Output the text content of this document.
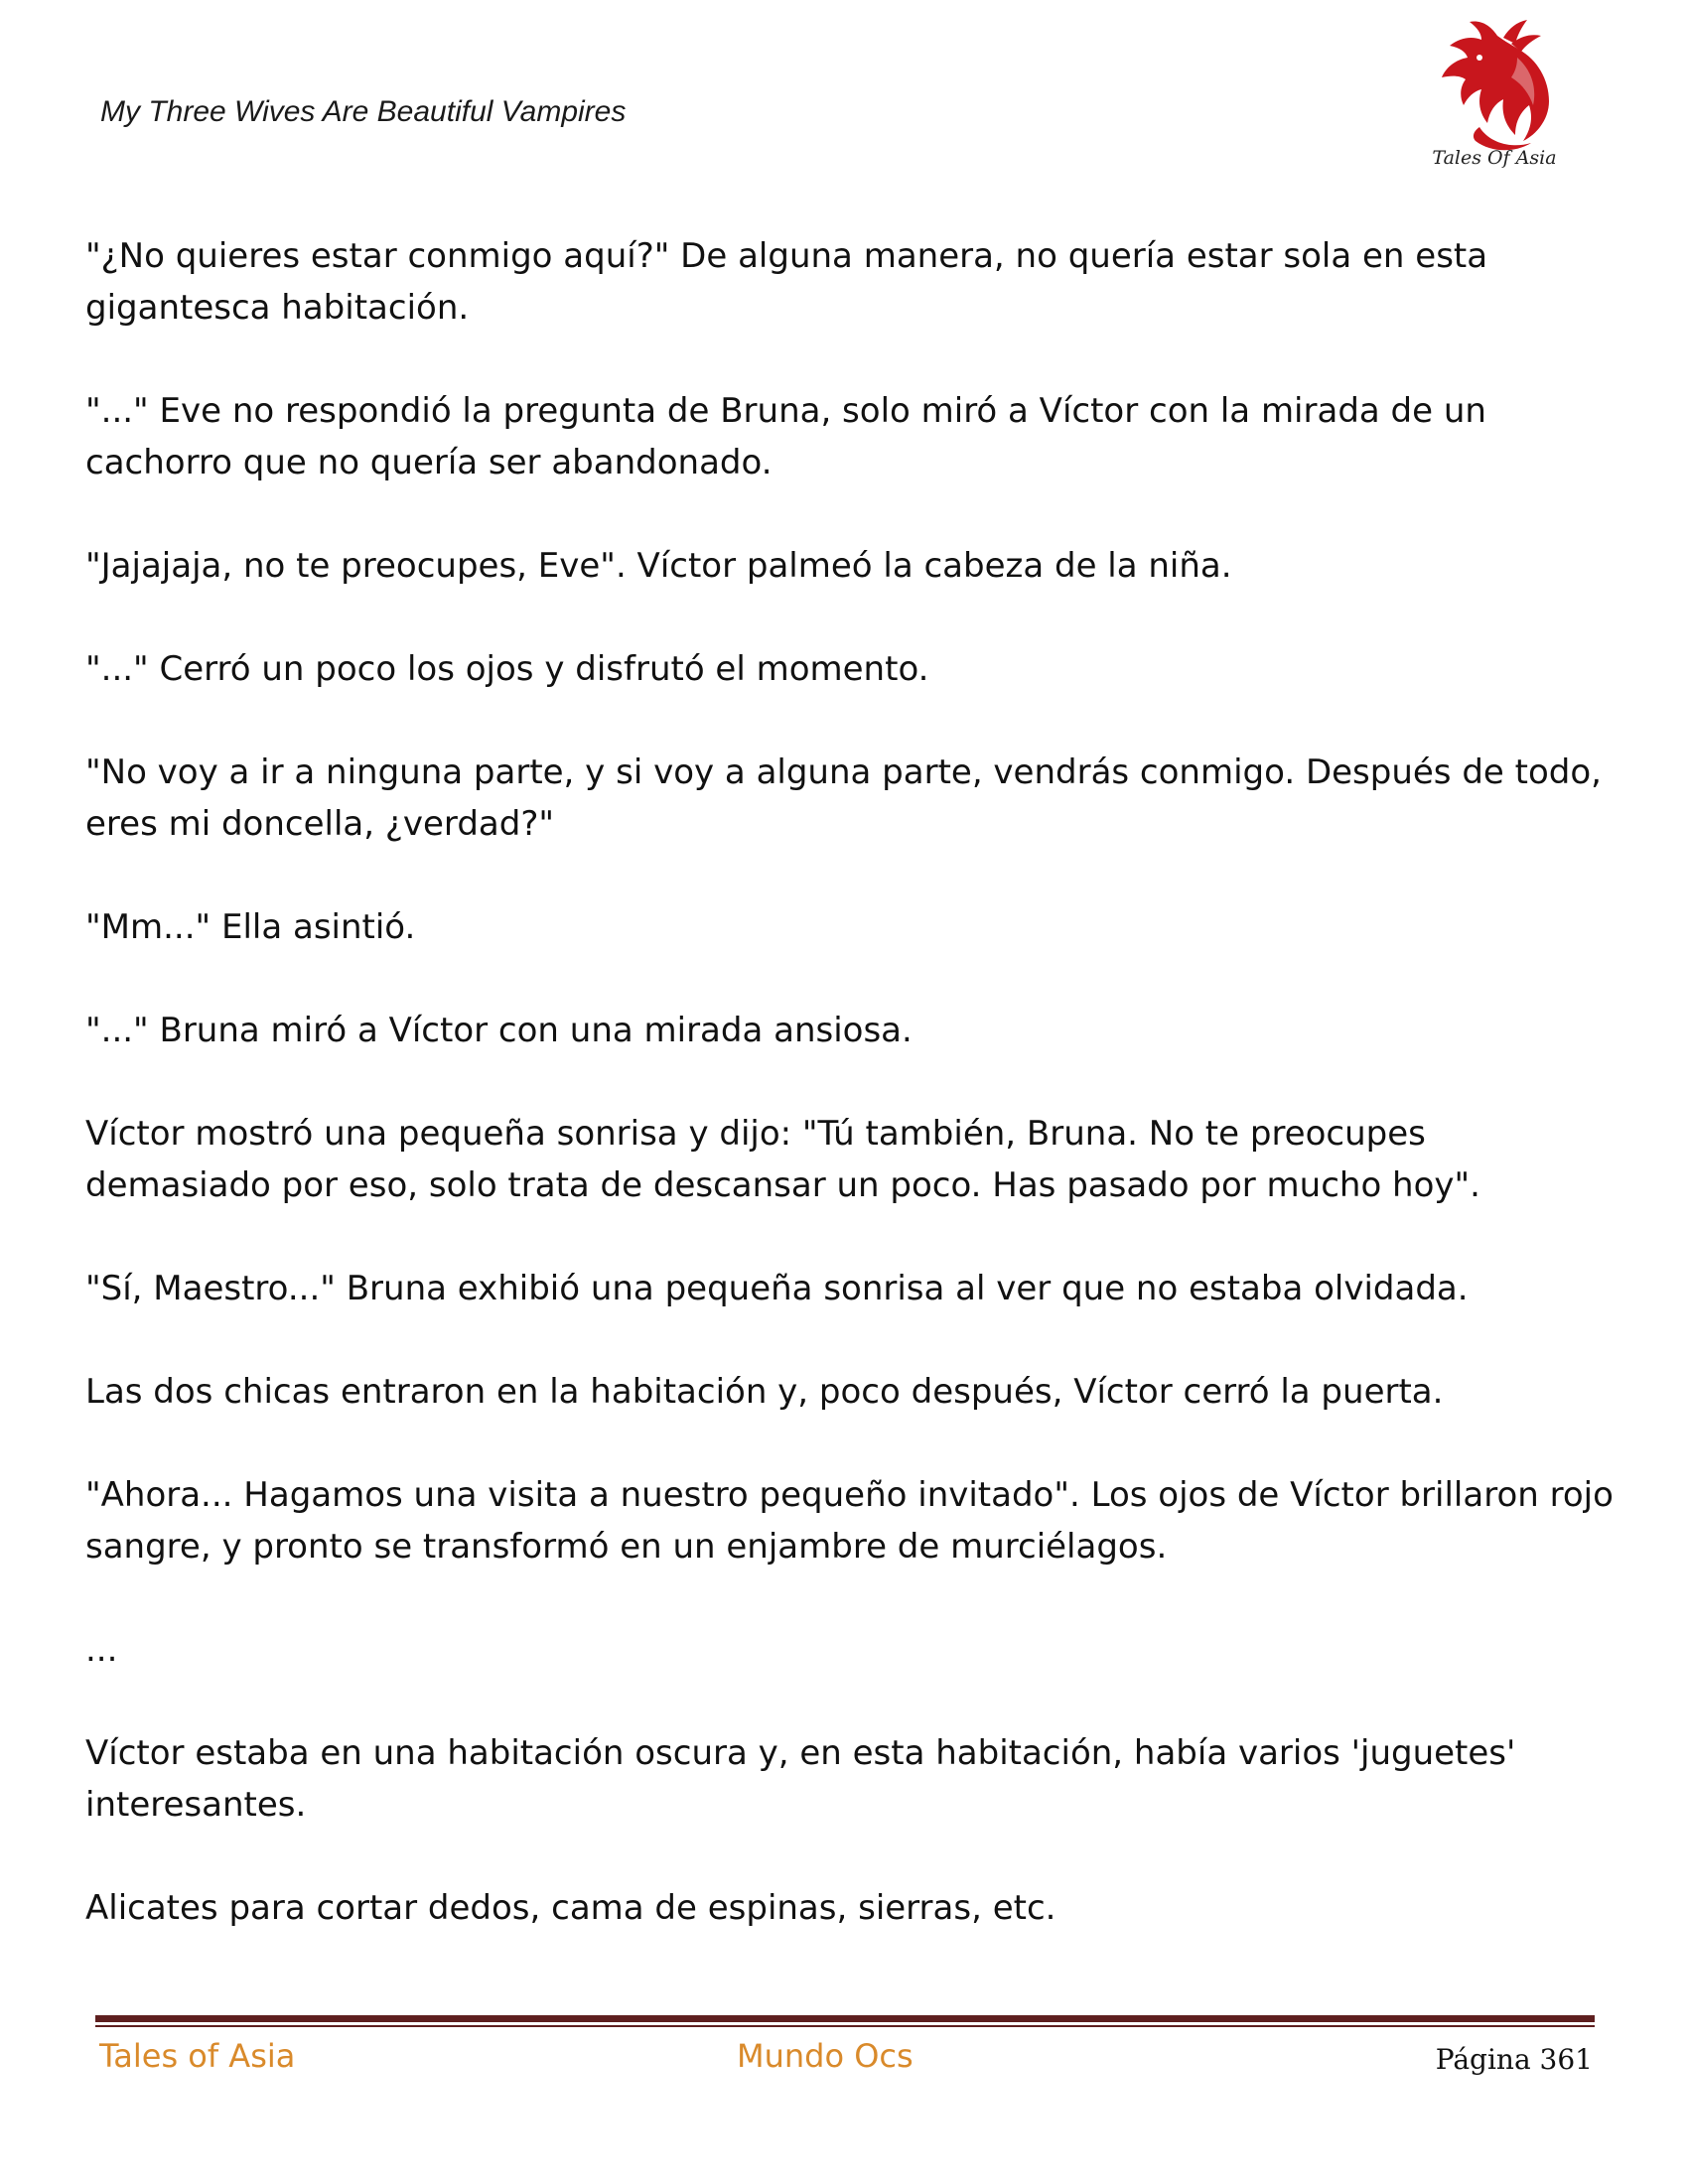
My Three Wives Are Beautiful Vampires
Tales Of Asia

"¿No quieres estar conmigo aquí?" De alguna manera, no quería estar sola en esta gigantesca habitación.

"..." Eve no respondió la pregunta de Bruna, solo miró a Víctor con la mirada de un cachorro que no quería ser abandonado.

"Jajajaja, no te preocupes, Eve". Víctor palmeó la cabeza de la niña.

"..." Cerró un poco los ojos y disfrutó el momento.

"No voy a ir a ninguna parte, y si voy a alguna parte, vendrás conmigo. Después de todo, eres mi doncella, ¿verdad?"

"Mm..." Ella asintió.

"..." Bruna miró a Víctor con una mirada ansiosa.

Víctor mostró una pequeña sonrisa y dijo: "Tú también, Bruna. No te preocupes demasiado por eso, solo trata de descansar un poco. Has pasado por mucho hoy".

"Sí, Maestro..." Bruna exhibió una pequeña sonrisa al ver que no estaba olvidada.

Las dos chicas entraron en la habitación y, poco después, Víctor cerró la puerta.

"Ahora... Hagamos una visita a nuestro pequeño invitado". Los ojos de Víctor brillaron rojo sangre, y pronto se transformó en un enjambre de murciélagos.

...

Víctor estaba en una habitación oscura y, en esta habitación, había varios 'juguetes' interesantes.

Alicates para cortar dedos, cama de espinas, sierras, etc.

Tales of Asia	Mundo Ocs	Página 361
